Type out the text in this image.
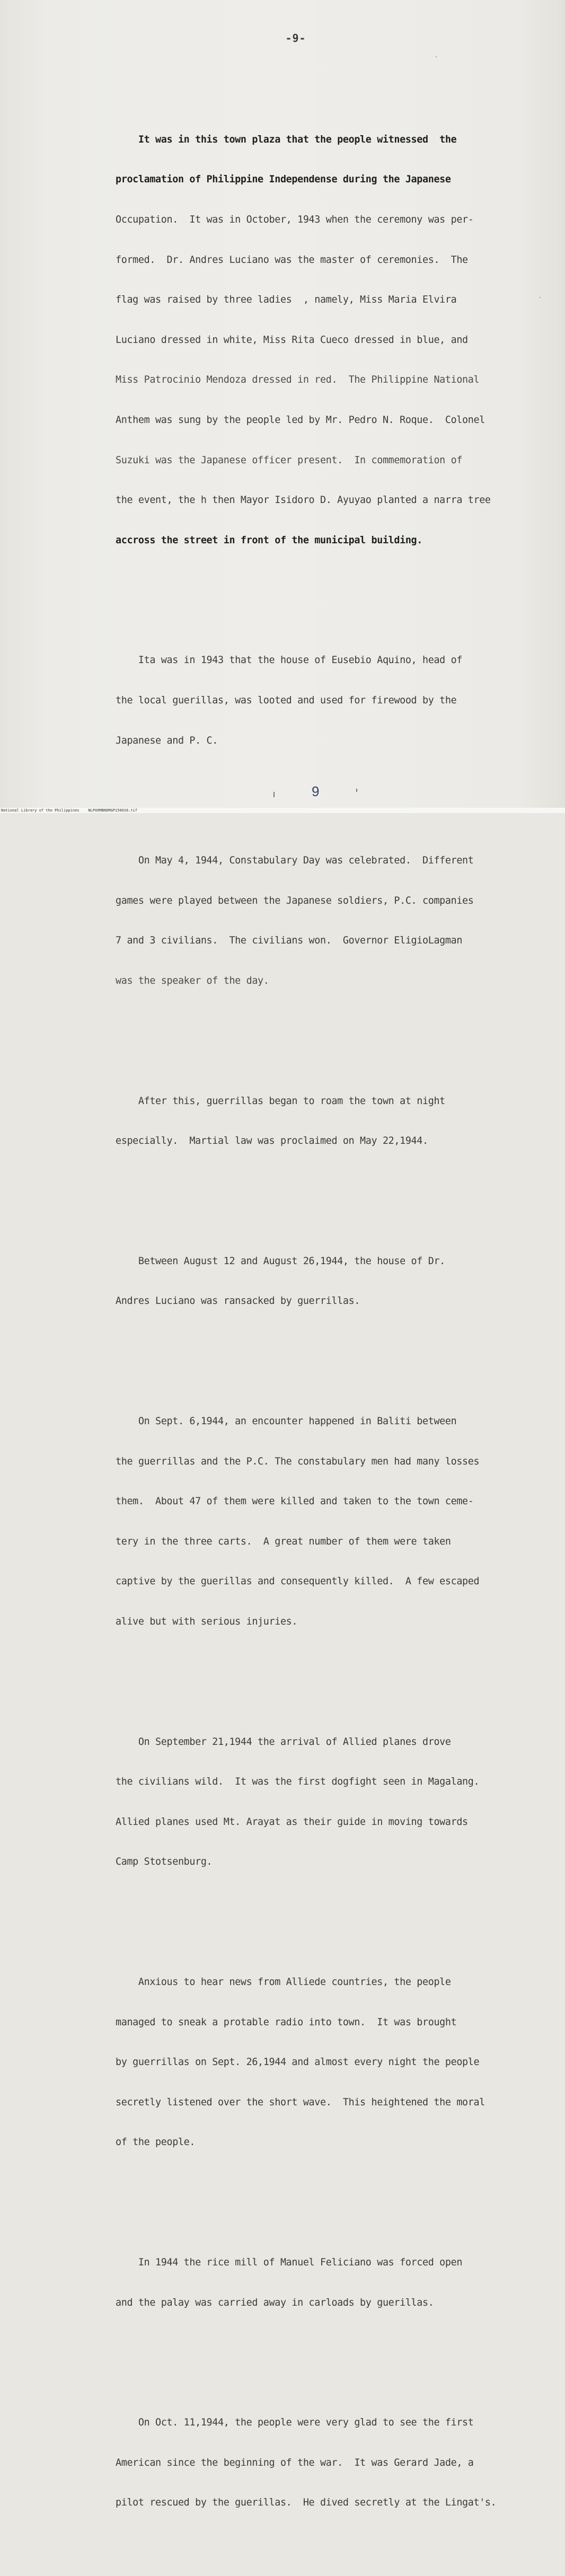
-9-

It was in this town plaza that the people witnessed  the

proclamation of Philippine Independense during the Japanese

Occupation.  It was in October, 1943 when the ceremony was per-

formed.  Dr. Andres Luciano was the master of ceremonies.  The

flag was raised by three ladies  , namely, Miss Maria Elvira

Luciano dressed in white, Miss Rita Cueco dressed in blue, and

Miss Patrocinio Mendoza dressed in red.  The Philippine National

Anthem was sung by the people led by Mr. Pedro N. Roque.  Colonel

Suzuki was the Japanese officer present.  In commemoration of

the event, the h then Mayor Isidoro D. Ayuyao planted a narra tree

accross the street in front of the municipal building.

Ita was in 1943 that the house of Eusebio Aquino, head of

the local guerillas, was looted and used for firewood by the

Japanese and P. C.

On May 4, 1944, Constabulary Day was celebrated.  Different

games were played between the Japanese soldiers, P.C. companies

7 and 3 civilians.  The civilians won.  Governor EligioLagman

was the speaker of the day.

After this, guerrillas began to roam the town at night

especially.  Martial law was proclaimed on May 22,1944.

Between August 12 and August 26,1944, the house of Dr.

Andres Luciano was ransacked by guerrillas.

On Sept. 6,1944, an encounter happened in Baliti between

the guerrillas and the P.C. The constabulary men had many losses

them.  About 47 of them were killed and taken to the town ceme-

tery in the three carts.  A great number of them were taken

captive by the guerillas and consequently killed.  A few escaped

alive but with serious injuries.

On September 21,1944 the arrival of Allied planes drove

the civilians wild.  It was the first dogfight seen in Magalang.

Allied planes used Mt. Arayat as their guide in moving towards

Camp Stotsenburg.

Anxious to hear news from Alliede countries, the people

managed to sneak a protable radio into town.  It was brought

by guerrillas on Sept. 26,1944 and almost every night the people

secretly listened over the short wave.  This heightened the moral

of the people.

In 1944 the rice mill of Manuel Feliciano was forced open

and the palay was carried away in carloads by guerillas.

On Oct. 11,1944, the people were very glad to see the first

American since the beginning of the war.  It was Gerard Jade, a

pilot rescued by the guerillas.  He dived secretly at the Lingat's.

9
National Library of the Philippines    NLPOOMBNDMGP150016.tif
